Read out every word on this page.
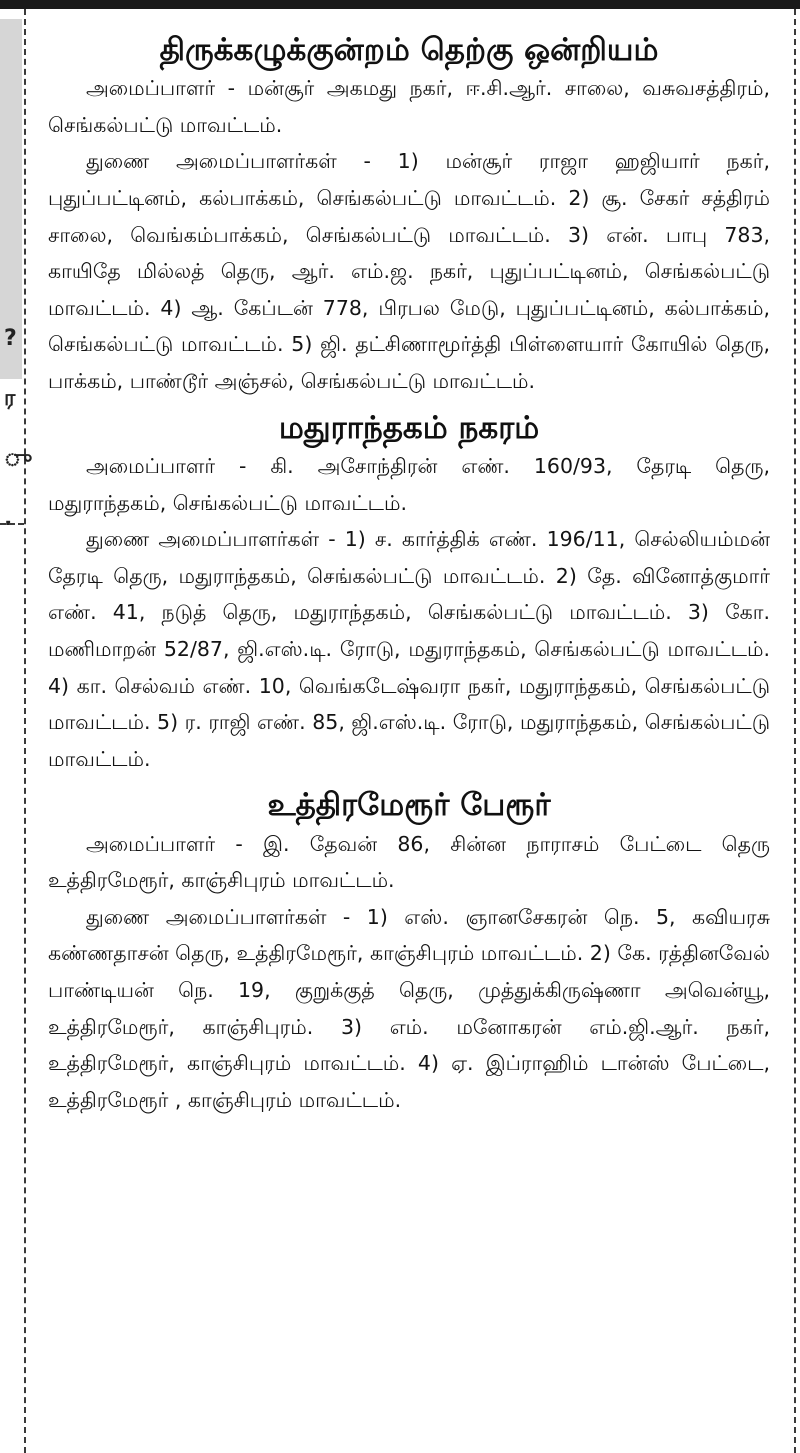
?
ர
ு
.
திருக்கழுக்குன்றம் தெற்கு ஒன்றியம்

அமைப்பாளர் - மன்சூர் அகமது நகர், ஈ.சி.ஆர். சாலை, வசுவசத்திரம், செங்கல்பட்டு மாவட்டம்.

துணை அமைப்பாளர்கள் - 1) மன்சூர் ராஜா ஹஜியார் நகர், புதுப்பட்டினம், கல்பாக்கம், செங்கல்பட்டு மாவட்டம். 2) சூ. சேகர் சத்திரம் சாலை, வெங்கம்பாக்கம், செங்கல்பட்டு மாவட்டம். 3) என். பாபு 783, காயிதே மில்லத் தெரு, ஆர். எம்.ஜ. நகர், புதுப்பட்டினம், செங்கல்பட்டு மாவட்டம். 4) ஆ. கேப்டன் 778, பிரபல மேடு, புதுப்பட்டினம், கல்பாக்கம், செங்கல்பட்டு மாவட்டம். 5) ஜி. தட்சிணாமூர்த்தி பிள்ளையார் கோயில் தெரு, பாக்கம், பாண்டூர் அஞ்சல், செங்கல்பட்டு மாவட்டம்.

மதுராந்தகம் நகரம்

அமைப்பாளர் - கி. அசோந்திரன் எண். 160/93, தேரடி தெரு, மதுராந்தகம், செங்கல்பட்டு மாவட்டம்.

துணை அமைப்பாளர்கள் - 1) ச. கார்த்திக் எண். 196/11, செல்லியம்மன் தேரடி தெரு, மதுராந்தகம், செங்கல்பட்டு மாவட்டம். 2) தே. வினோத்குமார் எண். 41, நடுத் தெரு, மதுராந்தகம், செங்கல்பட்டு மாவட்டம். 3) கோ. மணிமாறன் 52/87, ஜி.எஸ்.டி. ரோடு, மதுராந்தகம், செங்கல்பட்டு மாவட்டம். 4) கா. செல்வம் எண். 10, வெங்கடேஷ்வரா நகர், மதுராந்தகம், செங்கல்பட்டு மாவட்டம். 5) ர. ராஜி எண். 85, ஜி.எஸ்.டி. ரோடு, மதுராந்தகம், செங்கல்பட்டு மாவட்டம்.

உத்திரமேரூர் பேரூர்

அமைப்பாளர் - இ. தேவன் 86, சின்ன நாராசம் பேட்டை தெரு உத்திரமேரூர், காஞ்சிபுரம் மாவட்டம்.

துணை அமைப்பாளர்கள் - 1) எஸ். ஞானசேகரன் நெ. 5, கவியரசு கண்ணதாசன் தெரு, உத்திரமேரூர், காஞ்சிபுரம் மாவட்டம். 2) கே. ரத்தினவேல் பாண்டியன் நெ. 19, குறுக்குத் தெரு, முத்துக்கிருஷ்ணா அவென்யூ, உத்திரமேரூர், காஞ்சிபுரம். 3) எம். மனோகரன் எம்.ஜி.ஆர். நகர், உத்திரமேரூர், காஞ்சிபுரம் மாவட்டம். 4) ஏ. இப்ராஹிம் டான்ஸ் பேட்டை, உத்திரமேரூர் , காஞ்சிபுரம் மாவட்டம்.
